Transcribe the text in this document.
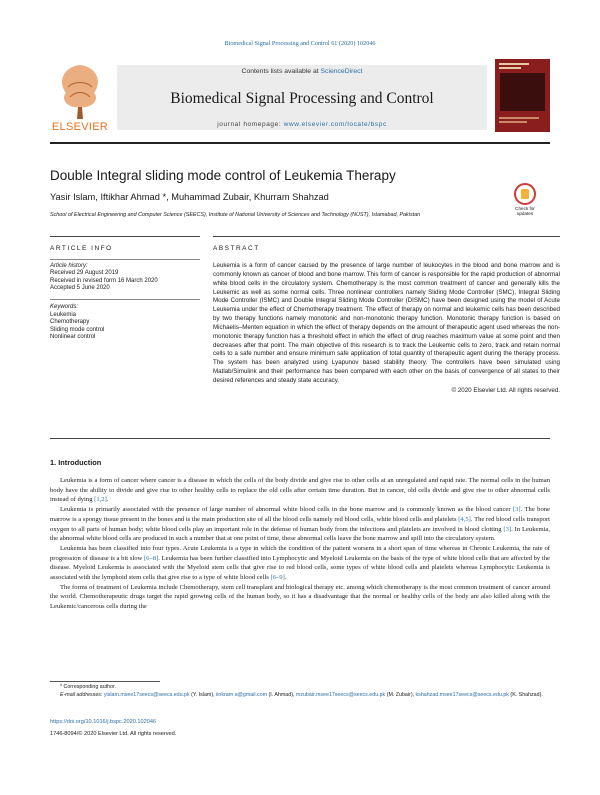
Biomedical Signal Processing and Control 61 (2020) 102046
ELSEVIER
Contents lists available at ScienceDirect
Biomedical Signal Processing and Control
journal homepage: www.elsevier.com/locate/bspc
Double Integral sliding mode control of Leukemia Therapy
Yasir Islam, Iftikhar Ahmad *, Muhammad Zubair, Khurram Shahzad
School of Electrical Engineering and Computer Science (SEECS), Institute of National University of Sciences and Technology (NUST), Islamabad, Pakistan
Check for
updates
ARTICLE INFO
Article history:
Received 29 August 2019
Received in revised form 16 March 2020
Accepted 5 June 2020
Keywords:
Leukemia
Chemotherapy
Sliding mode control
Nonlinear control
ABSTRACT
Leukemia is a form of cancer caused by the presence of large number of leukocytes in the blood and bone marrow and is commonly known as cancer of blood and bone marrow. This form of cancer is responsible for the rapid production of abnormal white blood cells in the circulatory system. Chemotherapy is the most common treatment of cancer and generally kills the Leukemic as well as some normal cells. Three nonlinear controllers namely Sliding Mode Controller (SMC), Integral Sliding Mode Controller (ISMC) and Double Integral Sliding Mode Controller (DISMC) have been designed using the model of Acute Leukemia under the effect of Chemotherapy treatment. The effect of therapy on normal and leukemic cells has been described by two therapy functions namely monotonic and non-monotonic therapy function. Monotonic therapy function is based on Michaelis–Menten equation in which the effect of therapy depends on the amount of therapeutic agent used whereas the non-monotonic therapy function has a threshold effect in which the effect of drug reaches maximum value at some point and then decreases after that point. The main objective of this research is to track the Leukemic cells to zero, track and retain normal cells to a safe number and ensure minimum safe application of total quantity of therapeutic agent during the therapy process. The system has been analyzed using Lyapunov based stability theory. The controllers have been simulated using Matlab/Simulink and their performance has been compared with each other on the basis of convergence of all states to their desired references and steady state accuracy.
© 2020 Elsevier Ltd. All rights reserved.
1. Introduction

Leukemia is a form of cancer where cancer is a disease in which the cells of the body divide and give rise to other cells at an unregulated and rapid rate. The normal cells in the human body have the ability to divide and give rise to other healthy cells to replace the old cells after certain time duration. But in cancer, old cells divide and give rise to other abnormal cells instead of dying [1,2].

Leukemia is primarily associated with the presence of large number of abnormal white blood cells in the bone marrow and is commonly known as the blood cancer [3]. The bone marrow is a spongy tissue present in the bones and is the main production site of all the blood cells namely red blood cells, white blood cells and platelets [4,5]. The red blood cells transport oxygen to all parts of human body; white blood cells play an important role in the defense of human body from the infections and platelets are involved in blood clotting [3]. In Leukemia, the abnormal white blood cells are produced in such a number that at one point of time, these abnormal cells leave the bone marrow and spill into the circulatory system.

Leukemia has been classified into four types. Acute Leukemia is a type in which the condition of the patient worsens in a short span of time whereas in Chronic Leukemia, the rate of progression of disease is a bit slow [6–8]. Leukemia has been further classified into Lymphocytic and Myeloid Leukemia on the basis of the type of white blood cells that are affected by the disease. Myeloid Leukemia is associated with the Myeloid stem cells that give rise to red blood cells, some types of white blood cells and platelets whereas Lymphocytic Leukemia is associated with the lymphoid stem cells that give rise to a type of white blood cells [6–9].

The forms of treatment of Leukemia include Chemotherapy, stem cell transplant and biological therapy etc. among which chemotherapy is the most common treatment of cancer around the world. Chemotherapeutic drugs target the rapid growing cells of the human body, so it has a disadvantage that the normal or healthy cells of the body are also killed along with the Leukemic/cancerous cells during the

* Corresponding author.
E-mail addresses: yislam.msee17seecs@seecs.edu.pk (Y. Islam), iinkram a@gmail.com (I. Ahmad), mzubair.msee17seecs@seecs.edu.pk (M. Zubair), kshahzad.msee17seecs@seecs.edu.pk (K. Shahzad).
https://doi.org/10.1016/j.bspc.2020.102046
1746-8094/© 2020 Elsevier Ltd. All rights reserved.
